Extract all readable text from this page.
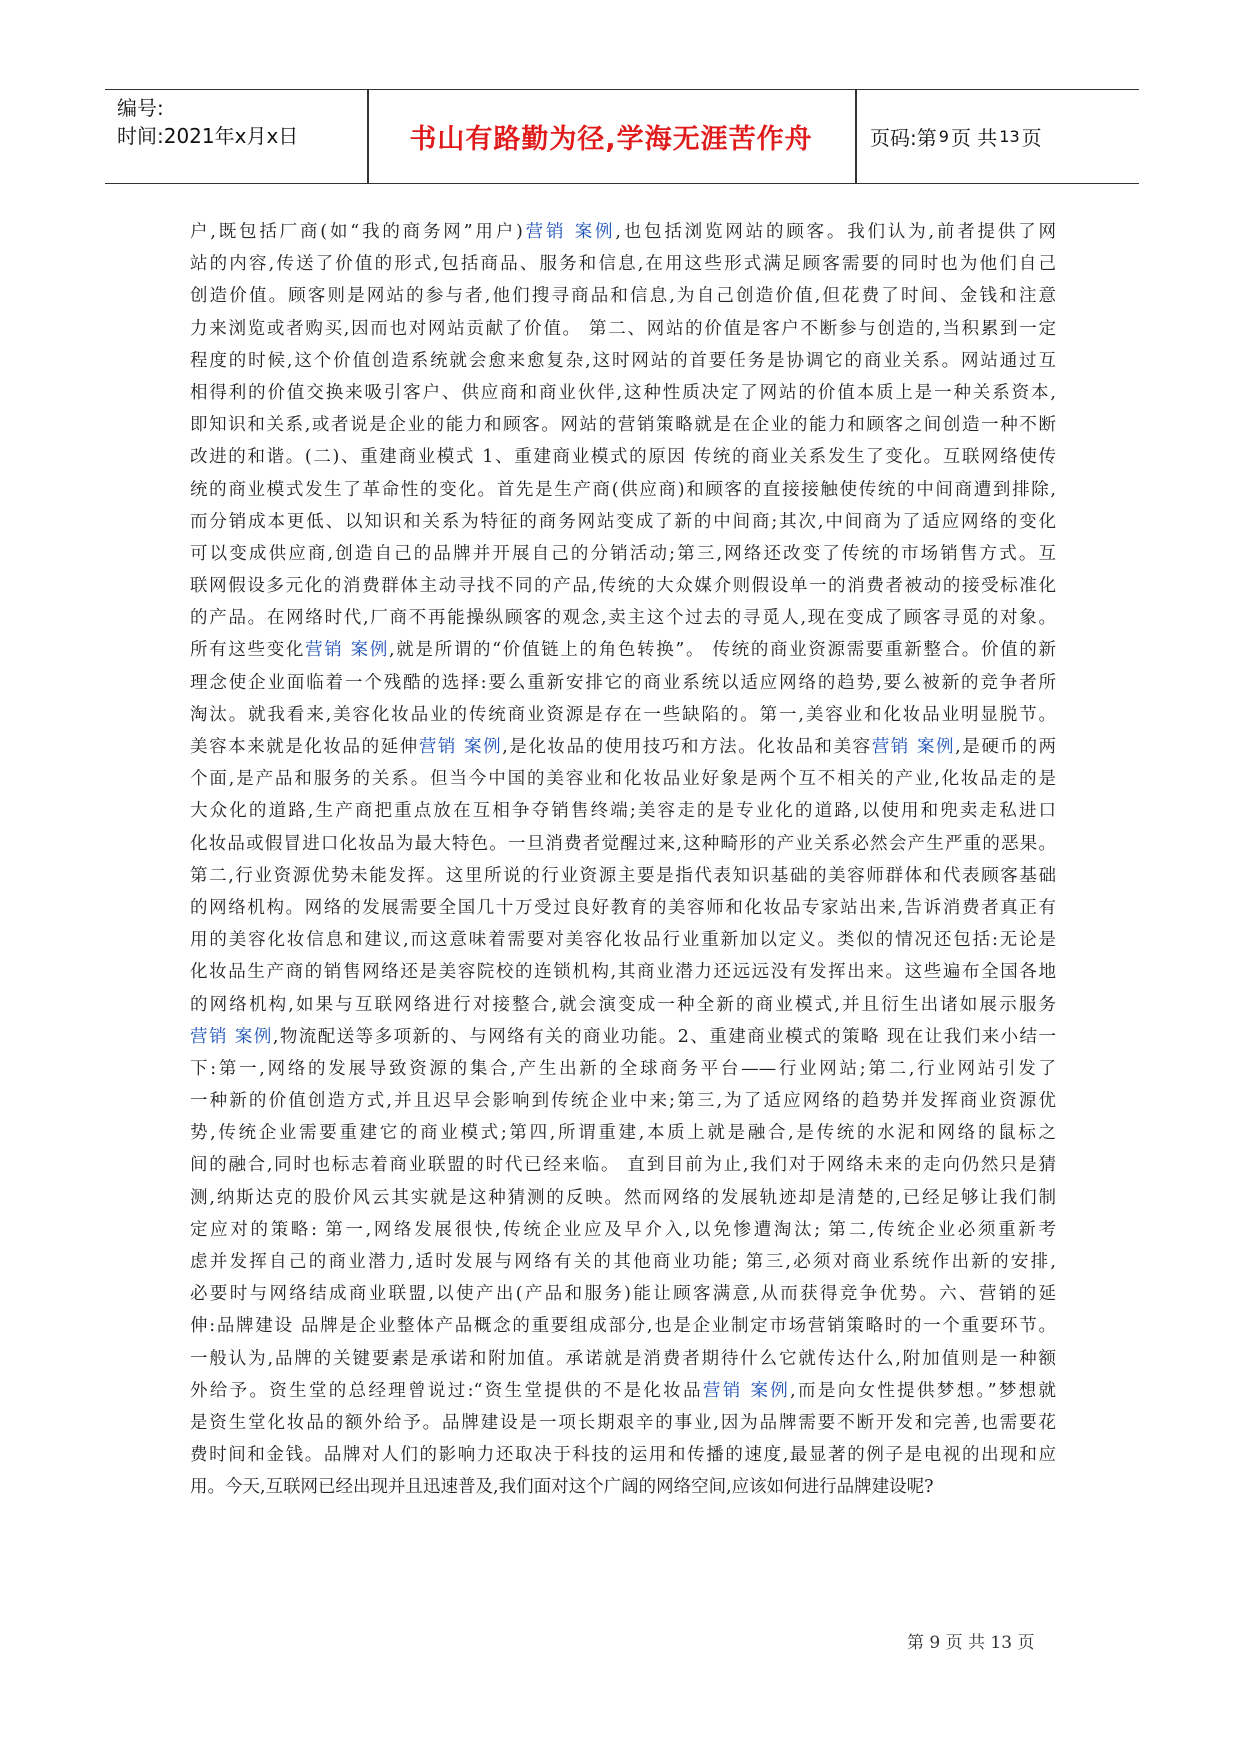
编号:
时间:2021年x月x日	书山有路勤为径,学海无涯苦作舟	页码:第 9 页 共 13 页
户,既包括厂商(如“我的商务网”用户)营销 案例,也包括浏览网站的顾客。我们认为,前者提供了网
站的内容,传送了价值的形式,包括商品、服务和信息,在用这些形式满足顾客需要的同时也为他们自己
创造价值。顾客则是网站的参与者,他们搜寻商品和信息,为自己创造价值,但花费了时间、金钱和注意
力来浏览或者购买,因而也对网站贡献了价值。 第二、网站的价值是客户不断参与创造的,当积累到一定
程度的时候,这个价值创造系统就会愈来愈复杂,这时网站的首要任务是协调它的商业关系。网站通过互
相得利的价值交换来吸引客户、供应商和商业伙伴,这种性质决定了网站的价值本质上是一种关系资本,
即知识和关系,或者说是企业的能力和顾客。网站的营销策略就是在企业的能力和顾客之间创造一种不断
改进的和谐。(二)、重建商业模式 1、重建商业模式的原因 传统的商业关系发生了变化。互联网络使传
统的商业模式发生了革命性的变化。首先是生产商(供应商)和顾客的直接接触使传统的中间商遭到排除,
而分销成本更低、以知识和关系为特征的商务网站变成了新的中间商;其次,中间商为了适应网络的变化
可以变成供应商,创造自己的品牌并开展自己的分销活动;第三,网络还改变了传统的市场销售方式。互
联网假设多元化的消费群体主动寻找不同的产品,传统的大众媒介则假设单一的消费者被动的接受标准化
的产品。在网络时代,厂商不再能操纵顾客的观念,卖主这个过去的寻觅人,现在变成了顾客寻觅的对象。
所有这些变化营销 案例,就是所谓的“价值链上的角色转换”。 传统的商业资源需要重新整合。价值的新
理念使企业面临着一个残酷的选择:要么重新安排它的商业系统以适应网络的趋势,要么被新的竞争者所
淘汰。就我看来,美容化妆品业的传统商业资源是存在一些缺陷的。第一,美容业和化妆品业明显脱节。
美容本来就是化妆品的延伸营销 案例,是化妆品的使用技巧和方法。化妆品和美容营销 案例,是硬币的两
个面,是产品和服务的关系。但当今中国的美容业和化妆品业好象是两个互不相关的产业,化妆品走的是
大众化的道路,生产商把重点放在互相争夺销售终端;美容走的是专业化的道路,以使用和兜卖走私进口
化妆品或假冒进口化妆品为最大特色。一旦消费者觉醒过来,这种畸形的产业关系必然会产生严重的恶果。
第二,行业资源优势未能发挥。这里所说的行业资源主要是指代表知识基础的美容师群体和代表顾客基础
的网络机构。网络的发展需要全国几十万受过良好教育的美容师和化妆品专家站出来,告诉消费者真正有
用的美容化妆信息和建议,而这意味着需要对美容化妆品行业重新加以定义。类似的情况还包括:无论是
化妆品生产商的销售网络还是美容院校的连锁机构,其商业潜力还远远没有发挥出来。这些遍布全国各地
的网络机构,如果与互联网络进行对接整合,就会演变成一种全新的商业模式,并且衍生出诸如展示服务
营销 案例,物流配送等多项新的、与网络有关的商业功能。2、重建商业模式的策略 现在让我们来小结一
下:第一,网络的发展导致资源的集合,产生出新的全球商务平台——行业网站;第二,行业网站引发了
一种新的价值创造方式,并且迟早会影响到传统企业中来;第三,为了适应网络的趋势并发挥商业资源优
势,传统企业需要重建它的商业模式;第四,所谓重建,本质上就是融合,是传统的水泥和网络的鼠标之
间的融合,同时也标志着商业联盟的时代已经来临。 直到目前为止,我们对于网络未来的走向仍然只是猜
测,纳斯达克的股价风云其实就是这种猜测的反映。然而网络的发展轨迹却是清楚的,已经足够让我们制
定应对的策略: 第一,网络发展很快,传统企业应及早介入,以免惨遭淘汰; 第二,传统企业必须重新考
虑并发挥自己的商业潜力,适时发展与网络有关的其他商业功能; 第三,必须对商业系统作出新的安排,
必要时与网络结成商业联盟,以使产出(产品和服务)能让顾客满意,从而获得竞争优势。六、营销的延
伸:品牌建设 品牌是企业整体产品概念的重要组成部分,也是企业制定市场营销策略时的一个重要环节。
一般认为,品牌的关键要素是承诺和附加值。承诺就是消费者期待什么它就传达什么,附加值则是一种额
外给予。资生堂的总经理曾说过:“资生堂提供的不是化妆品营销 案例,而是向女性提供梦想。”梦想就
是资生堂化妆品的额外给予。品牌建设是一项长期艰辛的事业,因为品牌需要不断开发和完善,也需要花
费时间和金钱。品牌对人们的影响力还取决于科技的运用和传播的速度,最显著的例子是电视的出现和应
用。今天,互联网已经出现并且迅速普及,我们面对这个广阔的网络空间,应该如何进行品牌建设呢?
第 9 页 共 13 页
